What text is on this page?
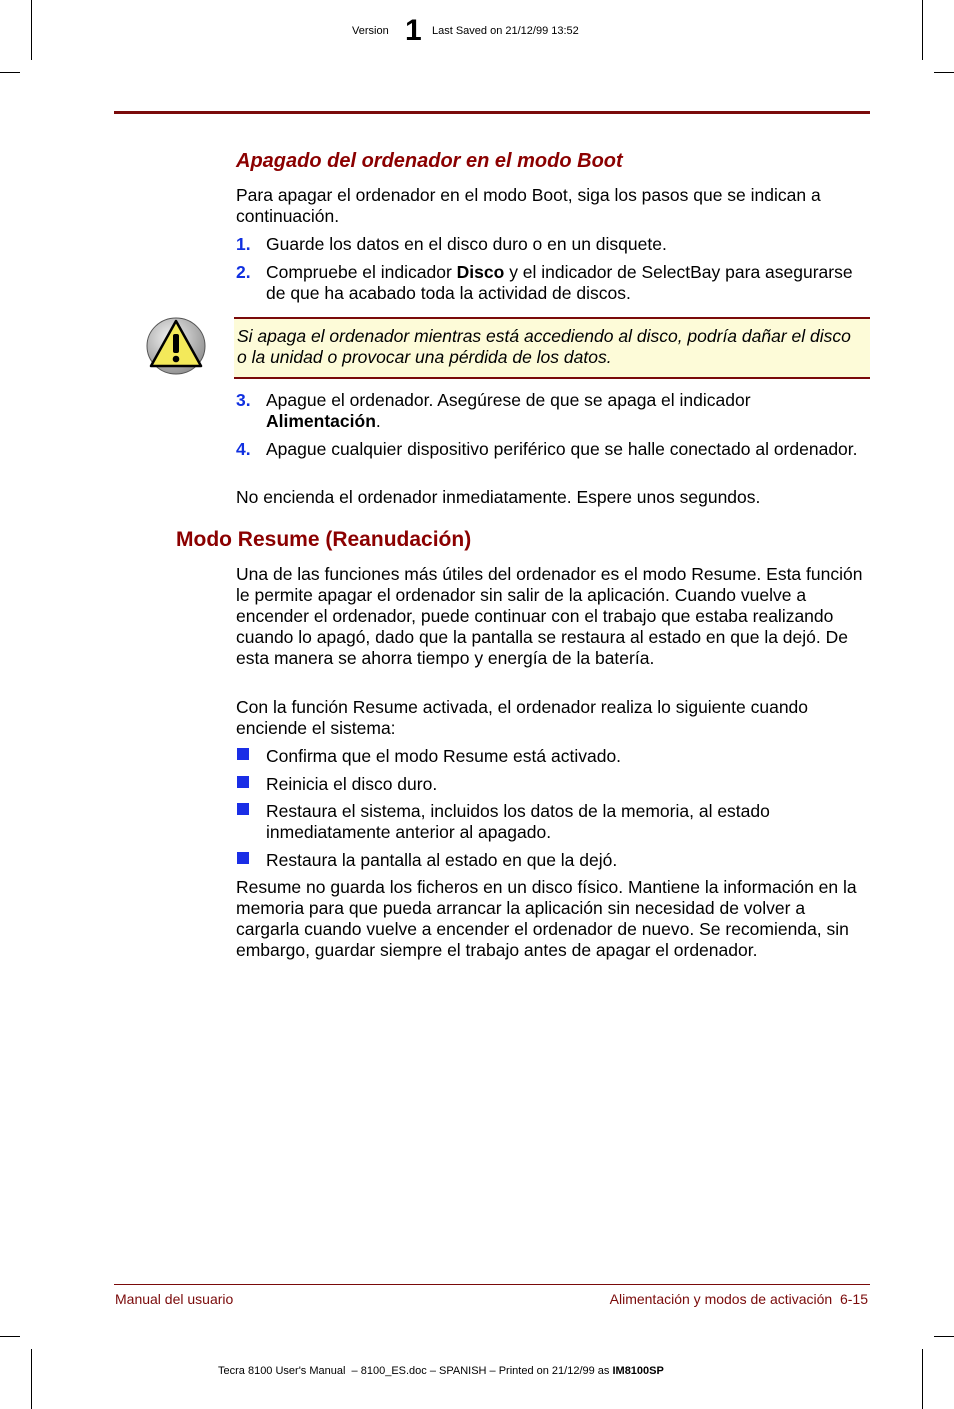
Version 1 Last Saved on 21/12/99 13:52
Apagado del ordenador en el modo Boot

Para apagar el ordenador en el modo Boot, siga los pasos que se indican a continuación.

1. Guarde los datos en el disco duro o en un disquete.
2. Compruebe el indicador Disco y el indicador de SelectBay para asegurarse de que ha acabado toda la actividad de discos.
Si apaga el ordenador mientras está accediendo al disco, podría dañar el disco o la unidad o provocar una pérdida de los datos.
3. Apague el ordenador. Asegúrese de que se apaga el indicador Alimentación.
4. Apague cualquier dispositivo periférico que se halle conectado al ordenador.

No encienda el ordenador inmediatamente. Espere unos segundos.

Modo Resume (Reanudación)

Una de las funciones más útiles del ordenador es el modo Resume. Esta función le permite apagar el ordenador sin salir de la aplicación. Cuando vuelve a encender el ordenador, puede continuar con el trabajo que estaba realizando cuando lo apagó, dado que la pantalla se restaura al estado en que la dejó. De esta manera se ahorra tiempo y energía de la batería.

Con la función Resume activada, el ordenador realiza lo siguiente cuando enciende el sistema:

Confirma que el modo Resume está activado.
Reinicia el disco duro.
Restaura el sistema, incluidos los datos de la memoria, al estado inmediatamente anterior al apagado.
Restaura la pantalla al estado en que la dejó.

Resume no guarda los ficheros en un disco físico. Mantiene la información en la memoria para que pueda arrancar la aplicación sin necesidad de volver a cargarla cuando vuelve a encender el ordenador de nuevo. Se recomienda, sin embargo, guardar siempre el trabajo antes de apagar el ordenador.

Manual del usuario	Alimentación y modos de activación  6-15
Tecra 8100 User's Manual  – 8100_ES.doc – SPANISH – Printed on 21/12/99 as IM8100SP
